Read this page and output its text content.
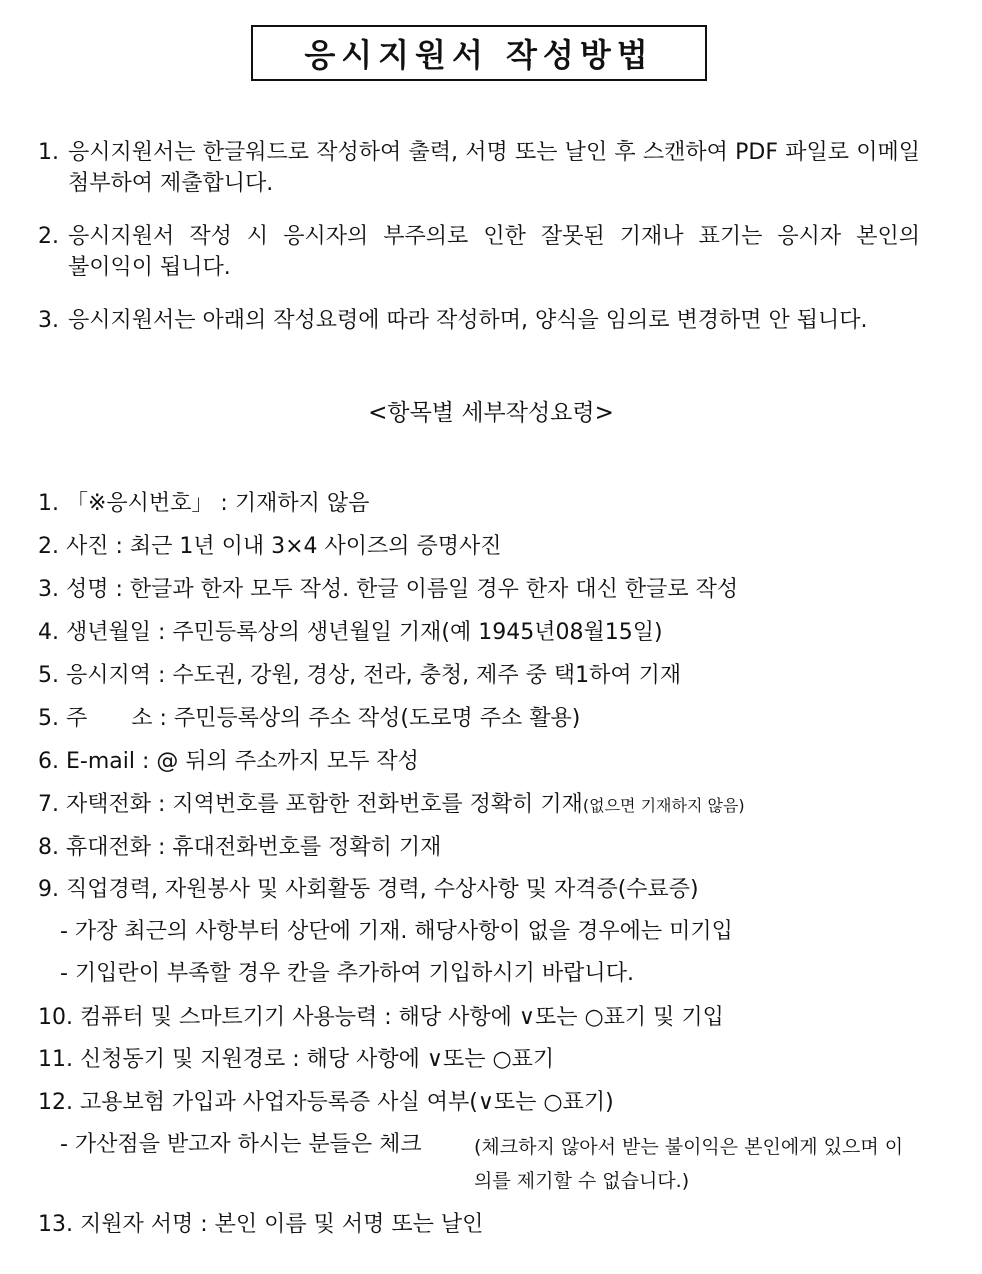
응시지원서 작성방법
1. 응시지원서는 한글워드로 작성하여 출력, 서명 또는 날인 후 스캔하여 PDF 파일로 이메일 첨부하여 제출합니다.
2. 응시지원서 작성 시 응시자의 부주의로 인한 잘못된 기재나 표기는 응시자 본인의 불이익이 됩니다.
3. 응시지원서는 아래의 작성요령에 따라 작성하며, 양식을 임의로 변경하면 안 됩니다.
<항목별 세부작성요령>
1. 「※응시번호」 : 기재하지 않음
2. 사진 : 최근 1년 이내 3×4 사이즈의 증명사진
3. 성명 : 한글과 한자 모두 작성. 한글 이름일 경우 한자 대신 한글로 작성
4. 생년월일 : 주민등록상의 생년월일 기재(예 1945년08월15일)
5. 응시지역 : 수도권, 강원, 경상, 전라, 충청, 제주 중 택1하여 기재
5. 주　　소 : 주민등록상의 주소 작성(도로명 주소 활용)
6. E-mail : @ 뒤의 주소까지 모두 작성
7. 자택전화 : 지역번호를 포함한 전화번호를 정확히 기재(없으면 기재하지 않음)
8. 휴대전화 : 휴대전화번호를 정확히 기재
9. 직업경력, 자원봉사 및 사회활동 경력, 수상사항 및 자격증(수료증)
- 가장 최근의 사항부터 상단에 기재. 해당사항이 없을 경우에는 미기입
- 기입란이 부족할 경우 칸을 추가하여 기입하시기 바랍니다.
10. 컴퓨터 및 스마트기기 사용능력 : 해당 사항에 ∨또는 ○표기 및 기입
11. 신청동기 및 지원경로 : 해당 사항에 ∨또는 ○표기
12. 고용보험 가입과 사업자등록증 사실 여부(∨또는 ○표기)
- 가산점을 받고자 하시는 분들은 체크	(체크하지 않아서 받는 불이익은 본인에게 있으며 이의를 제기할 수 없습니다.)
13. 지원자 서명 : 본인 이름 및 서명 또는 날인
